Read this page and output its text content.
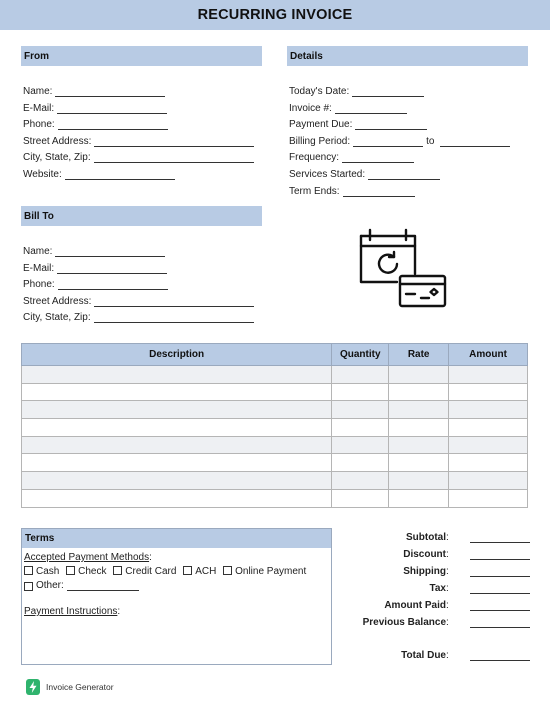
RECURRING INVOICE
From
Name:
E-Mail:
Phone:
Street Address:
City, State, Zip:
Website:
Details
Today's Date:
Invoice #:
Payment Due:
Billing Period:	to
Frequency:
Services Started:
Term Ends:
Bill To
Name:
E-Mail:
Phone:
Street Address:
City, State, Zip:
Description	Quantity	Rate	Amount

Terms
Accepted Payment Methods:
Cash Check Credit Card ACH Online Payment
Other:
Payment Instructions:
Subtotal :
Discount :
Shipping :
Tax :
Amount Paid :
Previous Balance :
Total Due :
Invoice Generator
